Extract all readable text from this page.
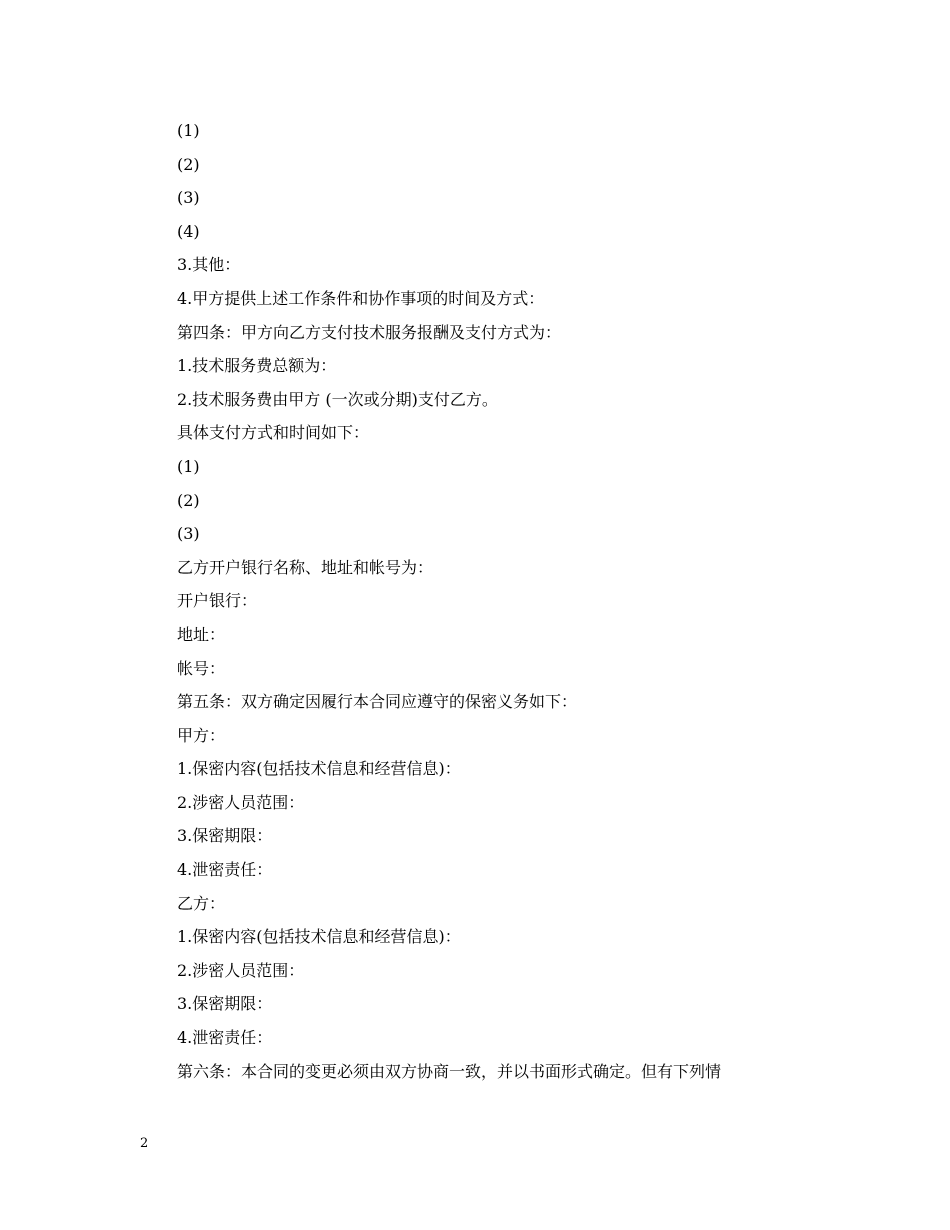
(1)
(2)
(3)
(4)
3.其他：
4.甲方提供上述工作条件和协作事项的时间及方式：
第四条：甲方向乙方支付技术服务报酬及支付方式为：
1.技术服务费总额为：
2.技术服务费由甲方 (一次或分期)支付乙方。
具体支付方式和时间如下：
(1)
(2)
(3)
乙方开户银行名称、地址和帐号为：
开户银行：
地址：
帐号：
第五条：双方确定因履行本合同应遵守的保密义务如下：
甲方：
1.保密内容(包括技术信息和经营信息)：
2.涉密人员范围：
3.保密期限：
4.泄密责任：
乙方：
1.保密内容(包括技术信息和经营信息)：
2.涉密人员范围：
3.保密期限：
4.泄密责任：
第六条：本合同的变更必须由双方协商一致，并以书面形式确定。但有下列情
2
